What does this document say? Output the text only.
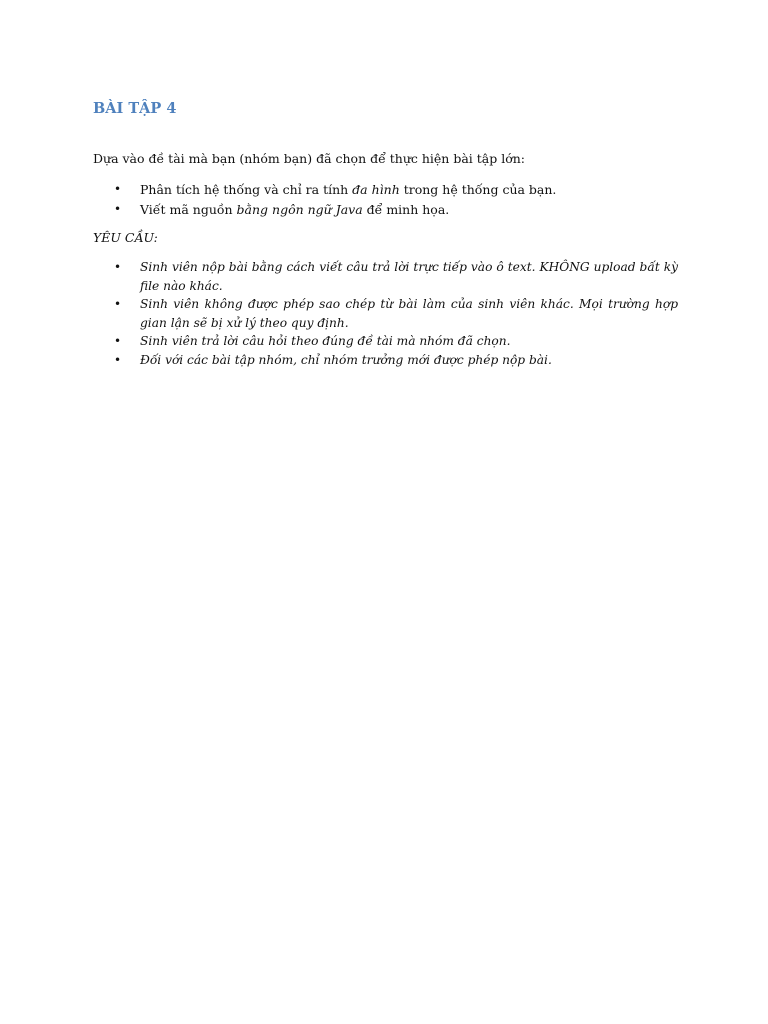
BÀI TẬP 4

Dựa vào đề tài mà bạn (nhóm bạn) đã chọn để thực hiện bài tập lớn:

• Phân tích hệ thống và chỉ ra tính đa hình trong hệ thống của bạn.
• Viết mã nguồn bằng ngôn ngữ Java để minh họa.

YÊU CẦU:

• Sinh viên nộp bài bằng cách viết câu trả lời trực tiếp vào ô text. KHÔNG upload bất kỳ file nào khác.
• Sinh viên không được phép sao chép từ bài làm của sinh viên khác. Mọi trường hợp gian lận sẽ bị xử lý theo quy định.
• Sinh viên trả lời câu hỏi theo đúng đề tài mà nhóm đã chọn.
• Đối với các bài tập nhóm, chỉ nhóm trưởng mới được phép nộp bài.
